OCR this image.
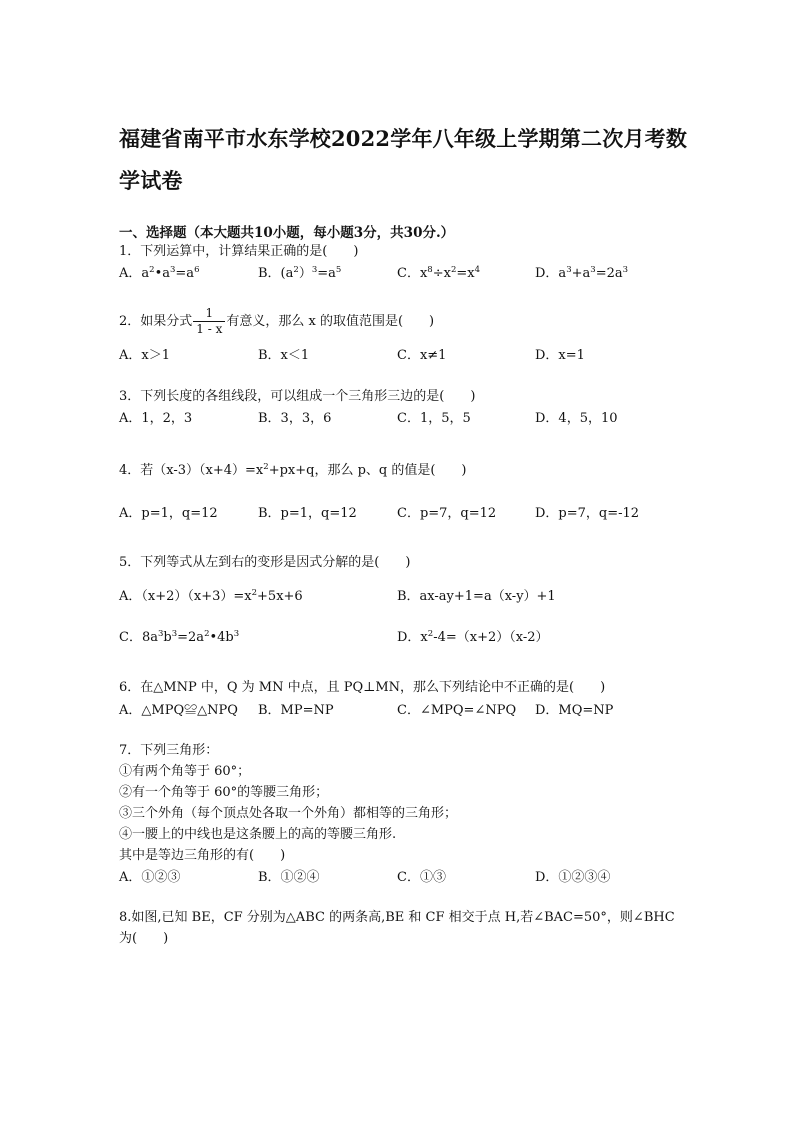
福建省南平市水东学校2022学年八年级上学期第二次月考数学试卷
一、选择题（本大题共10小题，每小题3分，共30分.）
1．下列运算中，计算结果正确的是(　　)
A．$a^2•a^3=a^6$	B．$(a^2)^3=a^5$	C．$x^8\div x^2=x^4$	D．$a^3+a^3=2a^3$
2．如果分式 $\frac{1}{1 - x}$ 有意义，那么 x 的取值范围是(　　)
A．x＞1	B．x＜1	C．x≠1	D．x=1
3．下列长度的各组线段，可以组成一个三角形三边的是(　　)
A．1，2，3	B．3，3，6	C．1，5，5	D．4，5，10
4．若$(x-3)(x+4)=x^2+px+q$，那么 p、q 的值是(　　)
A．p=1，q=12	B．p=1，q=12	C．p=7，q=12	D．p=7，q=-12
5．下列等式从左到右的变形是因式分解的是(　　)
A．$(x+2)(x+3)=x^2+5x+6$	B．ax-ay+1=a（x-y）+1
C．$8a^3b^3=2a^2•4b^3$	D．$x^2-4=(x+2)(x-2)$
6．在△MNP 中，Q 为 MN 中点，且 PQ⊥MN，那么下列结论中不正确的是(　　)
A．△MPQ≌△NPQ B．MP=NP	C．∠MPQ=∠NPQ D．MQ=NP
7．下列三角形：
①有两个角等于 60°；
②有一个角等于 60°的等腰三角形；
③三个外角（每个顶点处各取一个外角）都相等的三角形；
④一腰上的中线也是这条腰上的高的等腰三角形.
其中是等边三角形的有(　　)
A．①②③	B．①②④	C．①③	D．①②③④
8.如图,已知 BE，CF 分别为△ABC 的两条高,BE 和 CF 相交于点 H,若∠BAC=50°，则∠BHC
为(　　)
